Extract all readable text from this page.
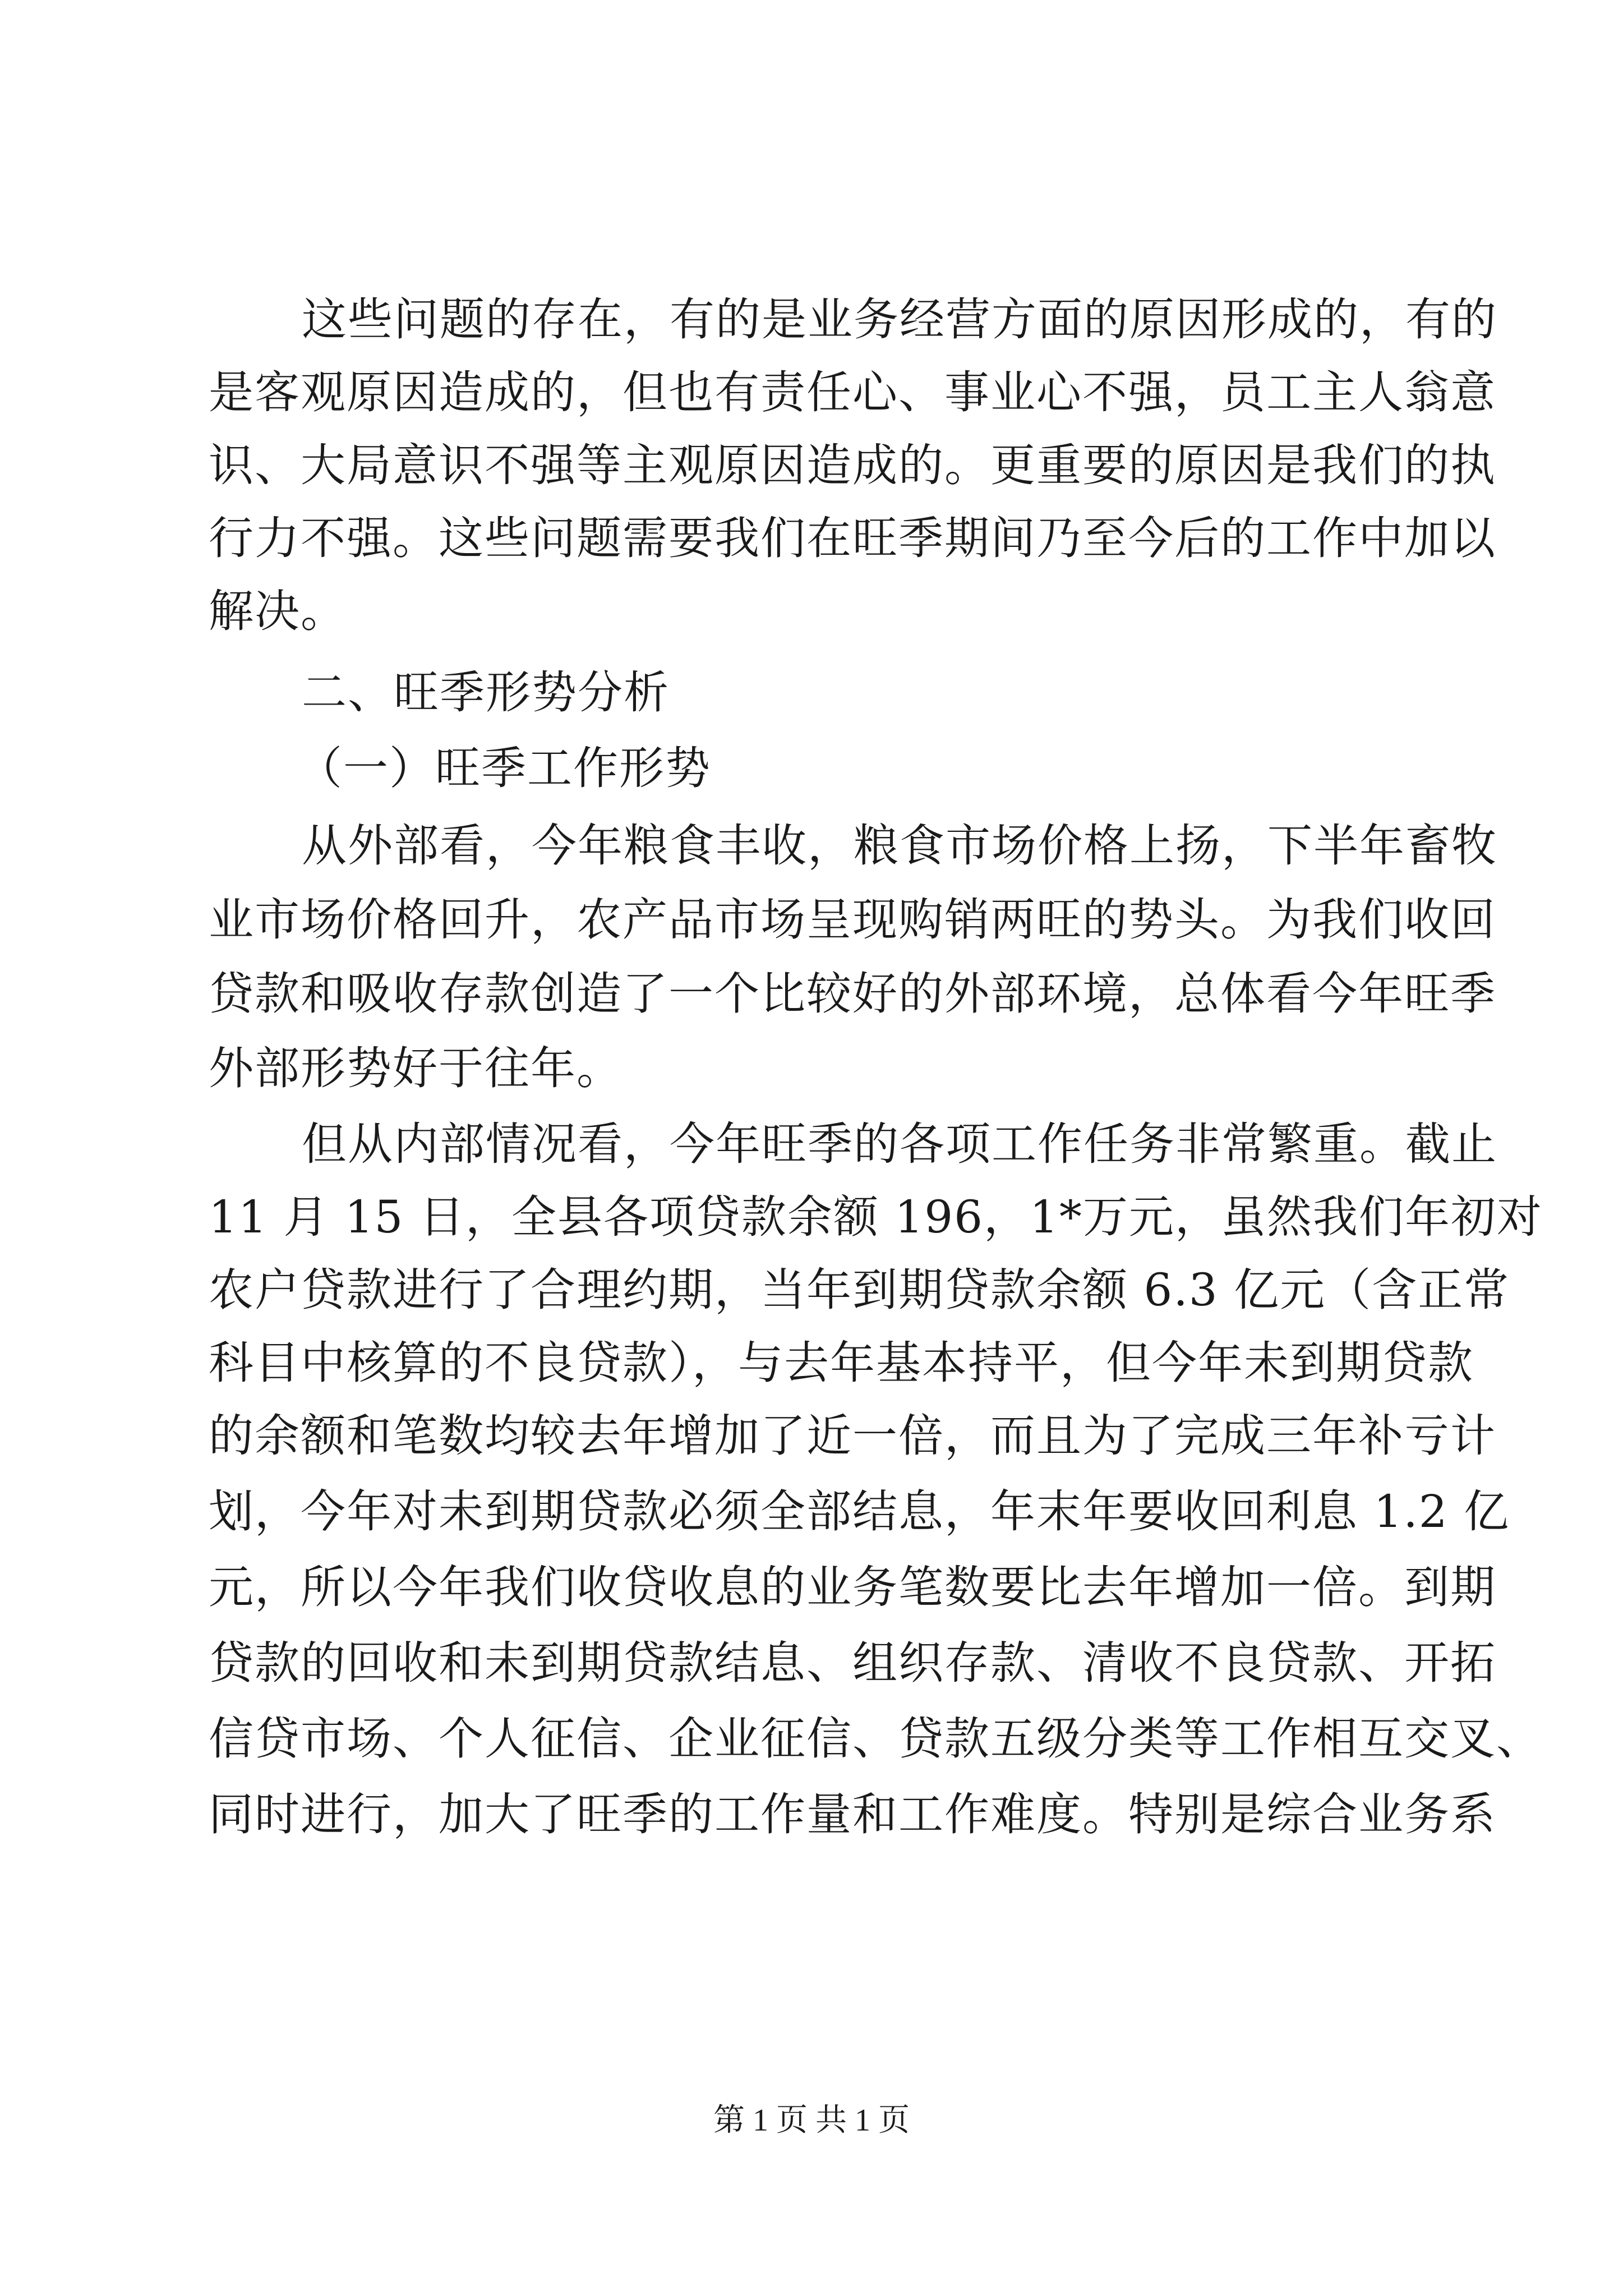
这些问题的存在，有的是业务经营方面的原因形成的，有的
是客观原因造成的，但也有责任心、事业心不强，员工主人翁意
识、大局意识不强等主观原因造成的。更重要的原因是我们的执
行力不强。这些问题需要我们在旺季期间乃至今后的工作中加以
解决。
二、旺季形势分析
（一）旺季工作形势
从外部看，今年粮食丰收，粮食市场价格上扬，下半年畜牧
业市场价格回升，农产品市场呈现购销两旺的势头。为我们收回
贷款和吸收存款创造了一个比较好的外部环境，总体看今年旺季
外部形势好于往年。
但从内部情况看，今年旺季的各项工作任务非常繁重。截止
11 月 15 日，全县各项贷款余额 196，1*万元，虽然我们年初对
农户贷款进行了合理约期，当年到期贷款余额 6.3 亿元（含正常
科目中核算的不良贷款），与去年基本持平，但今年未到期贷款
的余额和笔数均较去年增加了近一倍，而且为了完成三年补亏计
划，今年对未到期贷款必须全部结息，年末年要收回利息 1.2 亿
元，所以今年我们收贷收息的业务笔数要比去年增加一倍。到期
贷款的回收和未到期贷款结息、组织存款、清收不良贷款、开拓
信贷市场、个人征信、企业征信、贷款五级分类等工作相互交叉、
同时进行，加大了旺季的工作量和工作难度。特别是综合业务系
第 1 页 共 1 页
